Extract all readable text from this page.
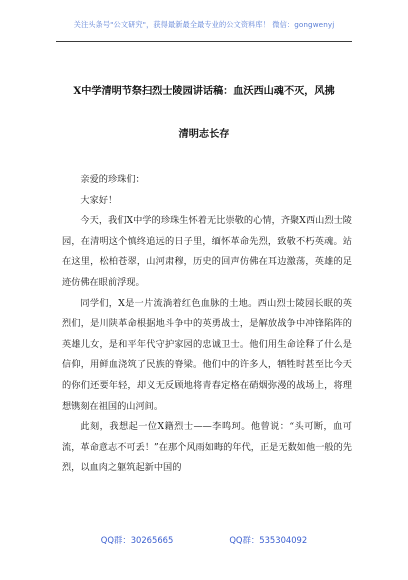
关注头条号"公文研究"，获得最新最全最专业的公文资料库！ 微信：gongwenyj
X中学清明节祭扫烈士陵园讲话稿：血沃西山魂不灭，风拂
清明志长存

亲爱的珍珠们：

大家好！

今天，我们X中学的珍珠生怀着无比崇敬的心情，齐聚X西山烈士陵园，在清明这个慎终追远的日子里，缅怀革命先烈，致敬不朽英魂。站在这里，松柏苍翠，山河肃穆，历史的回声仿佛在耳边激荡，英雄的足迹仿佛在眼前浮现。

同学们，X是一片流淌着红色血脉的土地。西山烈士陵园长眠的英烈们，是川陕革命根据地斗争中的英勇战士，是解放战争中冲锋陷阵的英雄儿女，是和平年代守护家园的忠诚卫士。他们用生命诠释了什么是信仰，用鲜血浇筑了民族的脊梁。他们中的许多人，牺牲时甚至比今天的你们还要年轻，却义无反顾地将青春定格在硝烟弥漫的战场上，将理想镌刻在祖国的山河间。

此刻，我想起一位X籍烈士——李鸣珂。他曾说：“头可断，血可流，革命意志不可丢！”在那个风雨如晦的年代，正是无数如他一般的先烈，以血肉之躯筑起新中国的

QQ群：30265665	QQ群：535304092
